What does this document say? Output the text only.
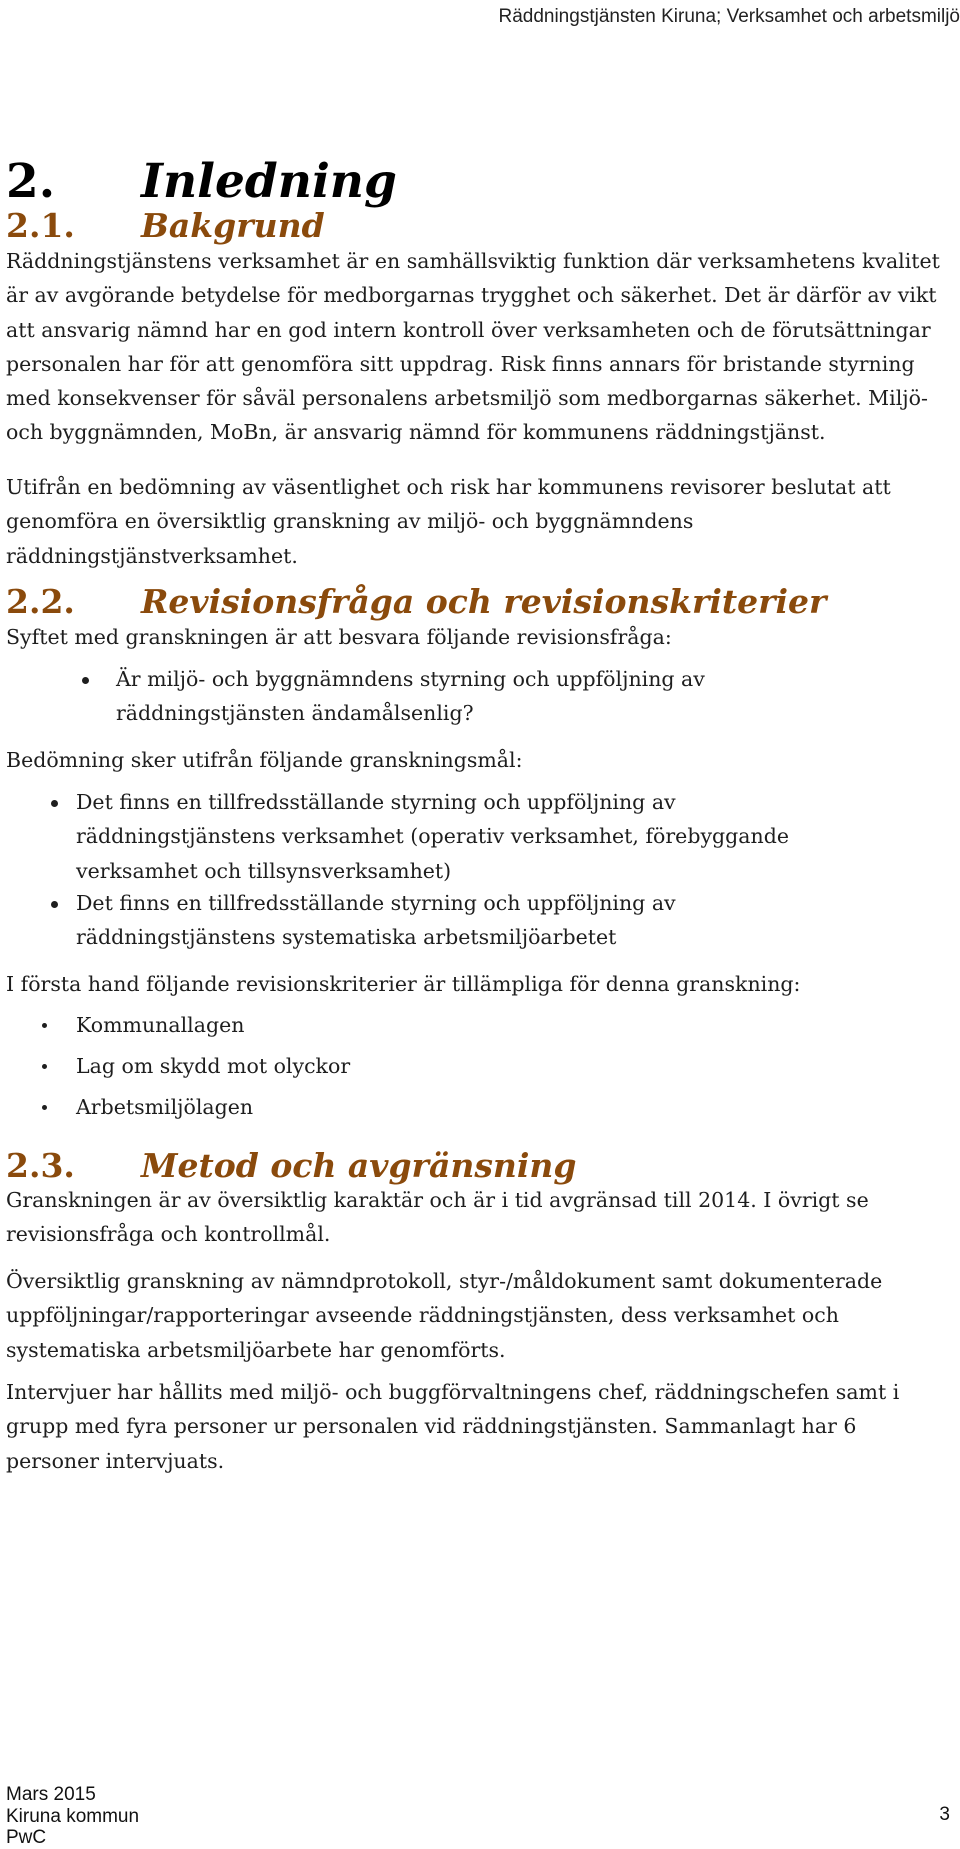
Räddningstjänsten Kiruna; Verksamhet och arbetsmiljö
2. Inledning
2.1. Bakgrund

Räddningstjänstens verksamhet är en samhällsviktig funktion där verksamhetens kvalitet är av avgörande betydelse för medborgarnas trygghet och säkerhet. Det är därför av vikt att ansvarig nämnd har en god intern kontroll över verksamheten och de förutsättningar personalen har för att genomföra sitt uppdrag. Risk finns annars för bristande styrning med konsekvenser för såväl personalens arbetsmiljö som medborgarnas säkerhet. Miljö- och byggnämnden, MoBn, är ansvarig nämnd för kommunens räddningstjänst.

Utifrån en bedömning av väsentlighet och risk har kommunens revisorer beslutat att genomföra en översiktlig granskning av miljö- och byggnämndens räddningstjänstverksamhet.

2.2. Revisionsfråga och revisionskriterier

Syftet med granskningen är att besvara följande revisionsfråga:

Är miljö- och byggnämndens styrning och uppföljning av räddningstjänsten ändamålsenlig?

Bedömning sker utifrån följande granskningsmål:

Det finns en tillfredsställande styrning och uppföljning av räddningstjänstens verksamhet (operativ verksamhet, förebyggande verksamhet och tillsynsverksamhet)
Det finns en tillfredsställande styrning och uppföljning av räddningstjänstens systematiska arbetsmiljöarbetet

I första hand följande revisionskriterier är tillämpliga för denna granskning:

Kommunallagen
Lag om skydd mot olyckor
Arbetsmiljölagen
2.3. Metod och avgränsning

Granskningen är av översiktlig karaktär och är i tid avgränsad till 2014. I övrigt se revisionsfråga och kontrollmål.

Översiktlig granskning av nämndprotokoll, styr-/måldokument samt dokumenterade uppföljningar/rapporteringar avseende räddningstjänsten, dess verksamhet och systematiska arbetsmiljöarbete har genomförts.

Intervjuer har hållits med miljö- och buggförvaltningens chef, räddningschefen samt i grupp med fyra personer ur personalen vid räddningstjänsten. Sammanlagt har 6 personer intervjuats.

Mars 2015
Kiruna kommun
PwC
3
